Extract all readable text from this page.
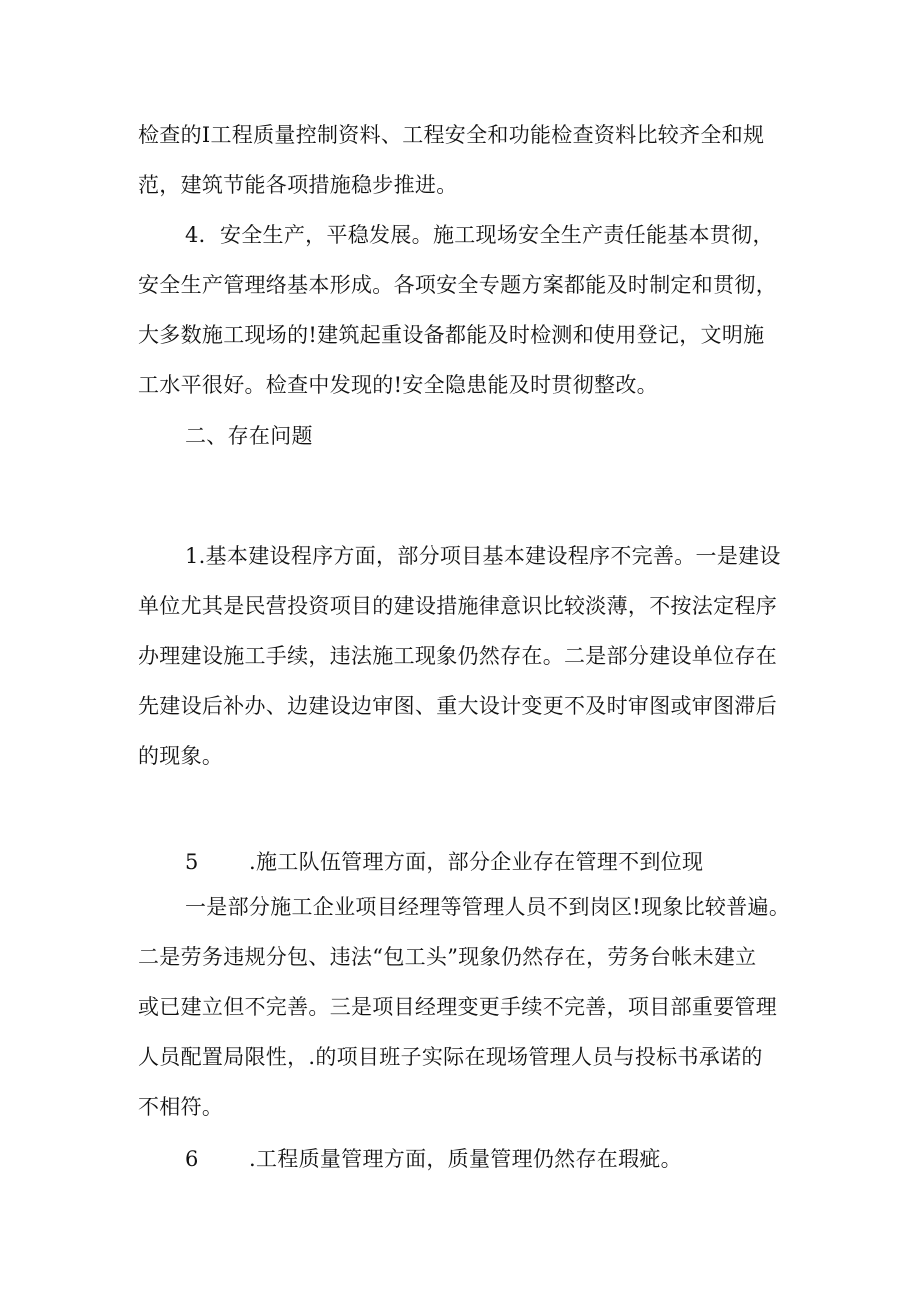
检查的Ⅰ工程质量控制资料、工程安全和功能检查资料比较齐全和规
范，建筑节能各项措施稳步推进。
4．安全生产，平稳发展。施工现场安全生产责任能基本贯彻，
安全生产管理络基本形成。各项安全专题方案都能及时制定和贯彻，
大多数施工现场的!建筑起重设备都能及时检测和使用登记，文明施
工水平很好。检查中发现的!安全隐患能及时贯彻整改。
二、存在问题
1.基本建设程序方面，部分项目基本建设程序不完善。一是建设
单位尤其是民营投资项目的建设措施律意识比较淡薄，不按法定程序
办理建设施工手续，违法施工现象仍然存在。二是部分建设单位存在
先建设后补办、边建设边审图、重大设计变更不及时审图或审图滞后
的现象。
5 .施工队伍管理方面，部分企业存在管理不到位现
一是部分施工企业项目经理等管理人员不到岗区!现象比较普遍。
二是劳务违规分包、违法“包工头”现象仍然存在，劳务台帐未建立
或已建立但不完善。三是项目经理变更手续不完善，项目部重要管理
人员配置局限性，.的项目班子实际在现场管理人员与投标书承诺的
不相符。
6 .工程质量管理方面，质量管理仍然存在瑕疵。
